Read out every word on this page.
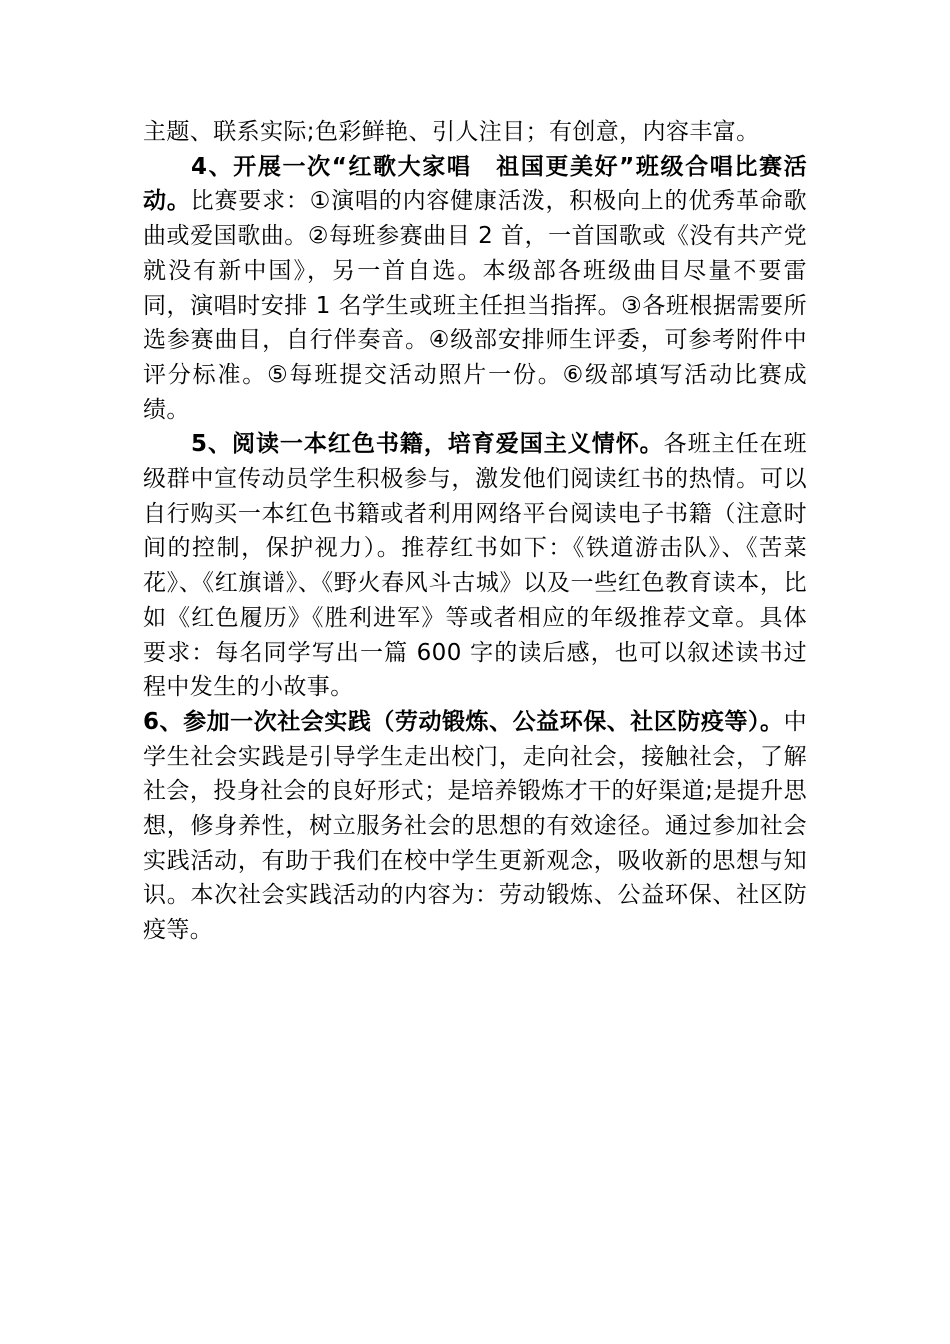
主题、联系实际;色彩鲜艳、引人注目；有创意，内容丰富。

4、开展一次“红歌大家唱　祖国更美好”班级合唱比赛活动。比赛要求：①演唱的内容健康活泼，积极向上的优秀革命歌曲或爱国歌曲。②每班参赛曲目 2 首，一首国歌或《没有共产党就没有新中国》，另一首自选。本级部各班级曲目尽量不要雷同，演唱时安排 1 名学生或班主任担当指挥。③各班根据需要所选参赛曲目，自行伴奏音。④级部安排师生评委，可参考附件中评分标准。⑤每班提交活动照片一份。⑥级部填写活动比赛成绩。

5、阅读一本红色书籍，培育爱国主义情怀。各班主任在班级群中宣传动员学生积极参与，激发他们阅读红书的热情。可以自行购买一本红色书籍或者利用网络平台阅读电子书籍（注意时间的控制，保护视力）。推荐红书如下：《铁道游击队》、《苦菜花》、《红旗谱》、《野火春风斗古城》以及一些红色教育读本，比如《红色履历》《胜利进军》等或者相应的年级推荐文章。具体要求：每名同学写出一篇 600 字的读后感，也可以叙述读书过程中发生的小故事。

6、参加一次社会实践（劳动锻炼、公益环保、社区防疫等）。中学生社会实践是引导学生走出校门，走向社会，接触社会，了解社会，投身社会的良好形式；是培养锻炼才干的好渠道;是提升思想，修身养性，树立服务社会的思想的有效途径。通过参加社会实践活动，有助于我们在校中学生更新观念，吸收新的思想与知识。本次社会实践活动的内容为：劳动锻炼、公益环保、社区防疫等。
